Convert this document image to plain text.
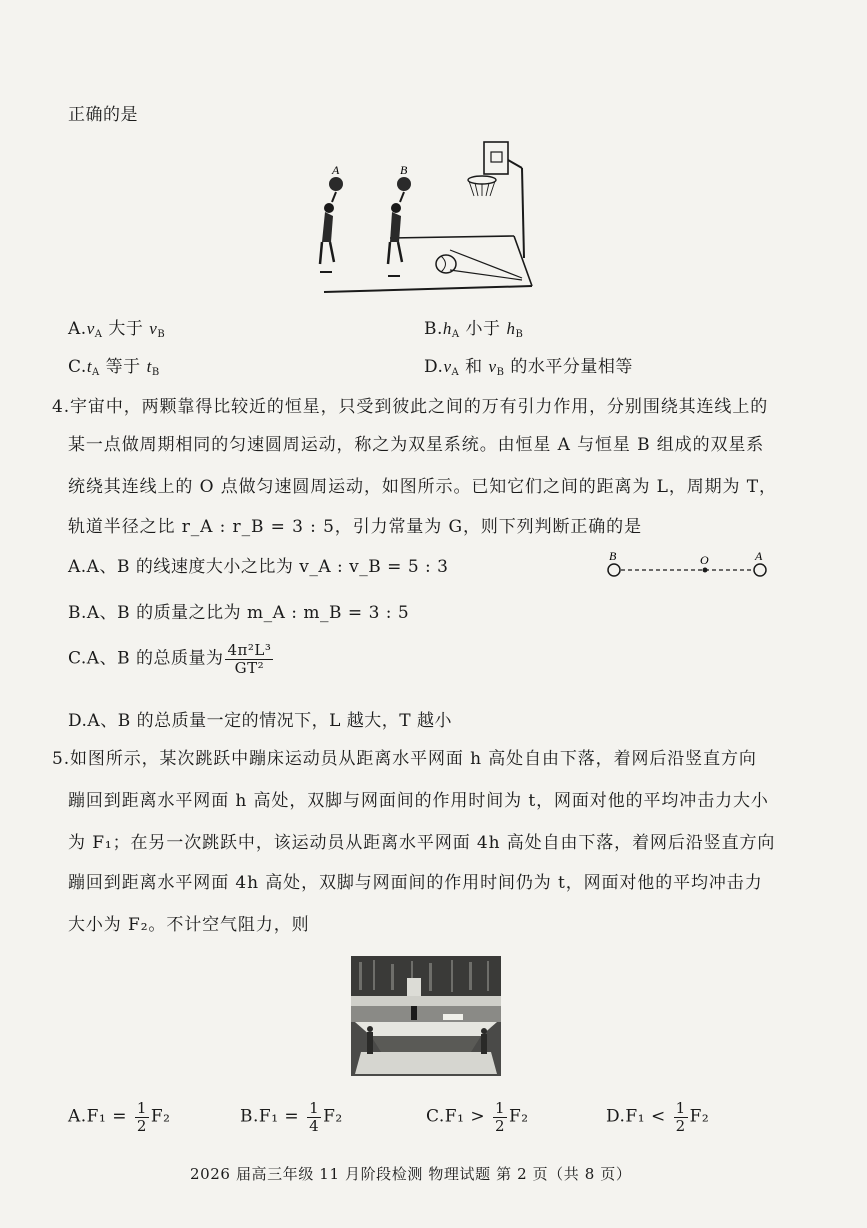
正确的是
A	B
$A.v_A$ 大于 $v_B$	$B.h_A$ 小于 $h_B$
$C.t_A$ 等于 $t_B$	$D.v_A$ 和 $v_B$ 的水平分量相等
4.宇宙中，两颗靠得比较近的恒星，只受到彼此之间的万有引力作用，分别围绕其连线上的
某一点做周期相同的匀速圆周运动，称之为双星系统。由恒星 A 与恒星 B 组成的双星系
统绕其连线上的 O 点做匀速圆周运动，如图所示。已知它们之间的距离为 L，周期为 T，
轨道半径之比 r_A : r_B = 3 : 5，引力常量为 G，则下列判断正确的是
B	O	A
A.A、B 的线速度大小之比为 v_A : v_B = 5 : 3
B.A、B 的质量之比为 m_A : m_B = 3 : 5
C.A、B 的总质量为 $\frac{\text{4π²L³}}{\text{GT²}}$
D.A、B 的总质量一定的情况下，L 越大，T 越小
5.如图所示，某次跳跃中蹦床运动员从距离水平网面 h 高处自由下落，着网后沿竖直方向
蹦回到距离水平网面 h 高处，双脚与网面间的作用时间为 t，网面对他的平均冲击力大小
为 F₁；在另一次跳跃中，该运动员从距离水平网面 4h 高处自由下落，着网后沿竖直方向
蹦回到距离水平网面 4h 高处，双脚与网面间的作用时间仍为 t，网面对他的平均冲击力
大小为 F₂。不计空气阻力，则
$A.F_1 = \frac{1}{2} F_2$	$B.F_1 = \frac{1}{4} F_2$	$C.F_1 > \frac{1}{2} F_2$	$D.F_1 < \frac{1}{2} F_2$
2026 届高三年级 11 月阶段检测 物理试题 第 2 页（共 8 页）
